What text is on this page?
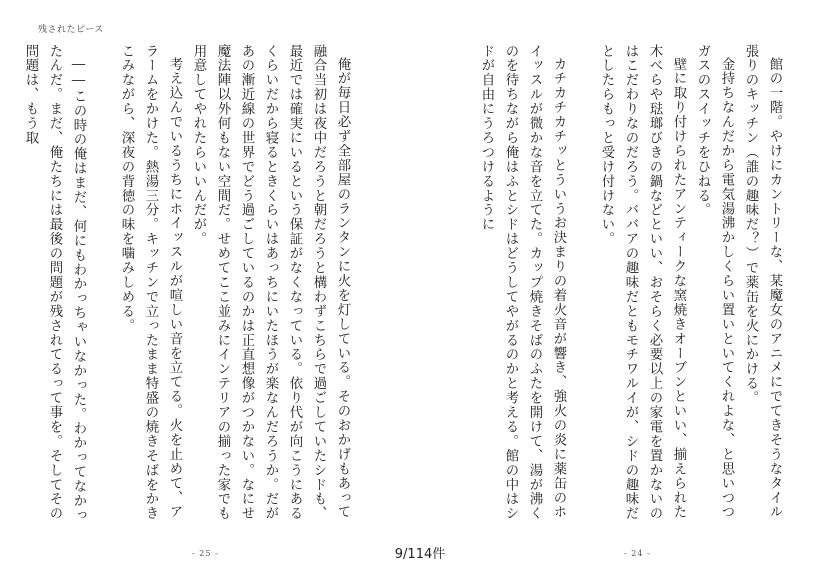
残されたピース

俺が毎日必ず全部屋のランタンに火を灯している。そのおかげもあって融合当初は夜中だろうと朝だろうと構わずこちらで過ごしていたシドも、最近では確実にいるという保証がなくなっている。依り代が向こうにあるくらいだから寝るときくらいはあっちにいたほうが楽なんだろうか。だがあの漸近線の世界でどう過ごしているのかは正直想像がつかない。なにせ魔法陣以外何もない空間だ。せめてここ並みにインテリアの揃った家でも用意してやれたらいいんだが。

考え込んでいるうちにホイッスルが喧しい音を立てる。火を止めて、アラームをかけた。熱湯三分。キッチンで立ったまま特盛の焼きそばをかきこみながら、深夜の背徳の味を噛みしめる。

――この時の俺はまだ、何にもわかっちゃいなかった。わかってなかったんだ。まだ、俺たちには最後の問題が残されてるって事を。そしてその問題は、もう取	館の一階。やけにカントリーな、某魔女のアニメにでてきそうなタイル張りのキッチン（誰の趣味だ？）で薬缶を火にかける。

金持ちなんだから電気湯沸かしくらい置いといてくれよな、と思いつつガスのスイッチをひねる。

壁に取り付けられたアンティークな窯焼きオーブンといい、揃えられた木べらや琺瑯びきの鍋などといい、おそらく必要以上の家電を置かないのはこだわりなのだろう。ババアの趣味だともモチワルイが、シドの趣味だとしたらもっと受け付けない。

カチカチカチッとういうお決まりの着火音が響き、強火の炎に薬缶のホイッスルが微かな音を立てた。カップ焼きそばのふたを開けて、湯が沸くのを待ちながら俺はふとシドはどうしてやがるのかと考える。館の中はシドが自由にうろつけるように

- 25 -	- 24 -
9/114件
